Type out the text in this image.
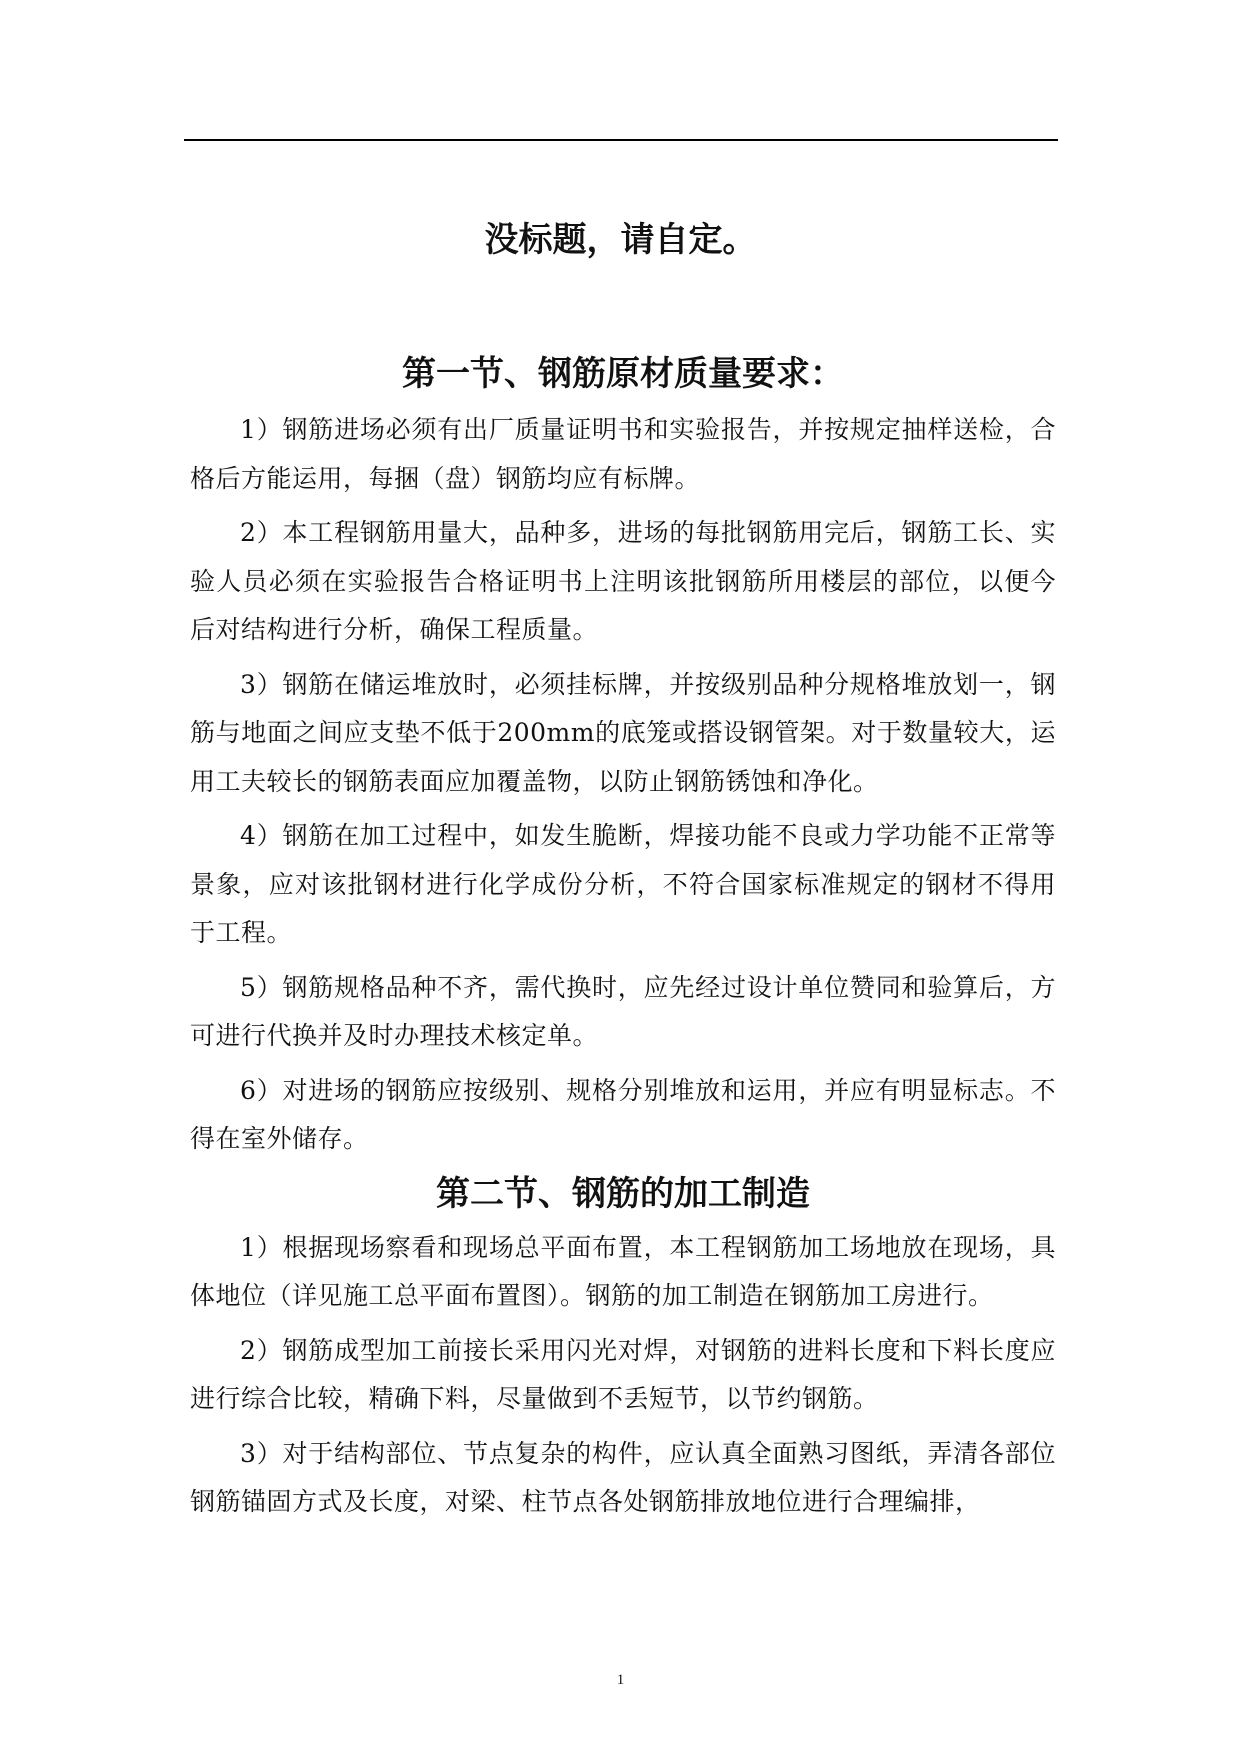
没标题，请自定。
第一节、钢筋原材质量要求：

1）钢筋进场必须有出厂质量证明书和实验报告，并按规定抽样送检，合格后方能运用，每捆（盘）钢筋均应有标牌。

2）本工程钢筋用量大，品种多，进场的每批钢筋用完后，钢筋工长、实验人员必须在实验报告合格证明书上注明该批钢筋所用楼层的部位，以便今后对结构进行分析，确保工程质量。

3）钢筋在储运堆放时，必须挂标牌，并按级别品种分规格堆放划一，钢筋与地面之间应支垫不低于200mm的底笼或搭设钢管架。对于数量较大，运用工夫较长的钢筋表面应加覆盖物，以防止钢筋锈蚀和净化。

4）钢筋在加工过程中，如发生脆断，焊接功能不良或力学功能不正常等景象，应对该批钢材进行化学成份分析，不符合国家标准规定的钢材不得用于工程。

5）钢筋规格品种不齐，需代换时，应先经过设计单位赞同和验算后，方可进行代换并及时办理技术核定单。

6）对进场的钢筋应按级别、规格分别堆放和运用，并应有明显标志。不得在室外储存。

第二节、钢筋的加工制造

1）根据现场察看和现场总平面布置，本工程钢筋加工场地放在现场，具体地位（详见施工总平面布置图）。钢筋的加工制造在钢筋加工房进行。

2）钢筋成型加工前接长采用闪光对焊，对钢筋的进料长度和下料长度应进行综合比较，精确下料，尽量做到不丢短节，以节约钢筋。

3）对于结构部位、节点复杂的构件，应认真全面熟习图纸，弄清各部位钢筋锚固方式及长度，对梁、柱节点各处钢筋排放地位进行合理编排，

1
